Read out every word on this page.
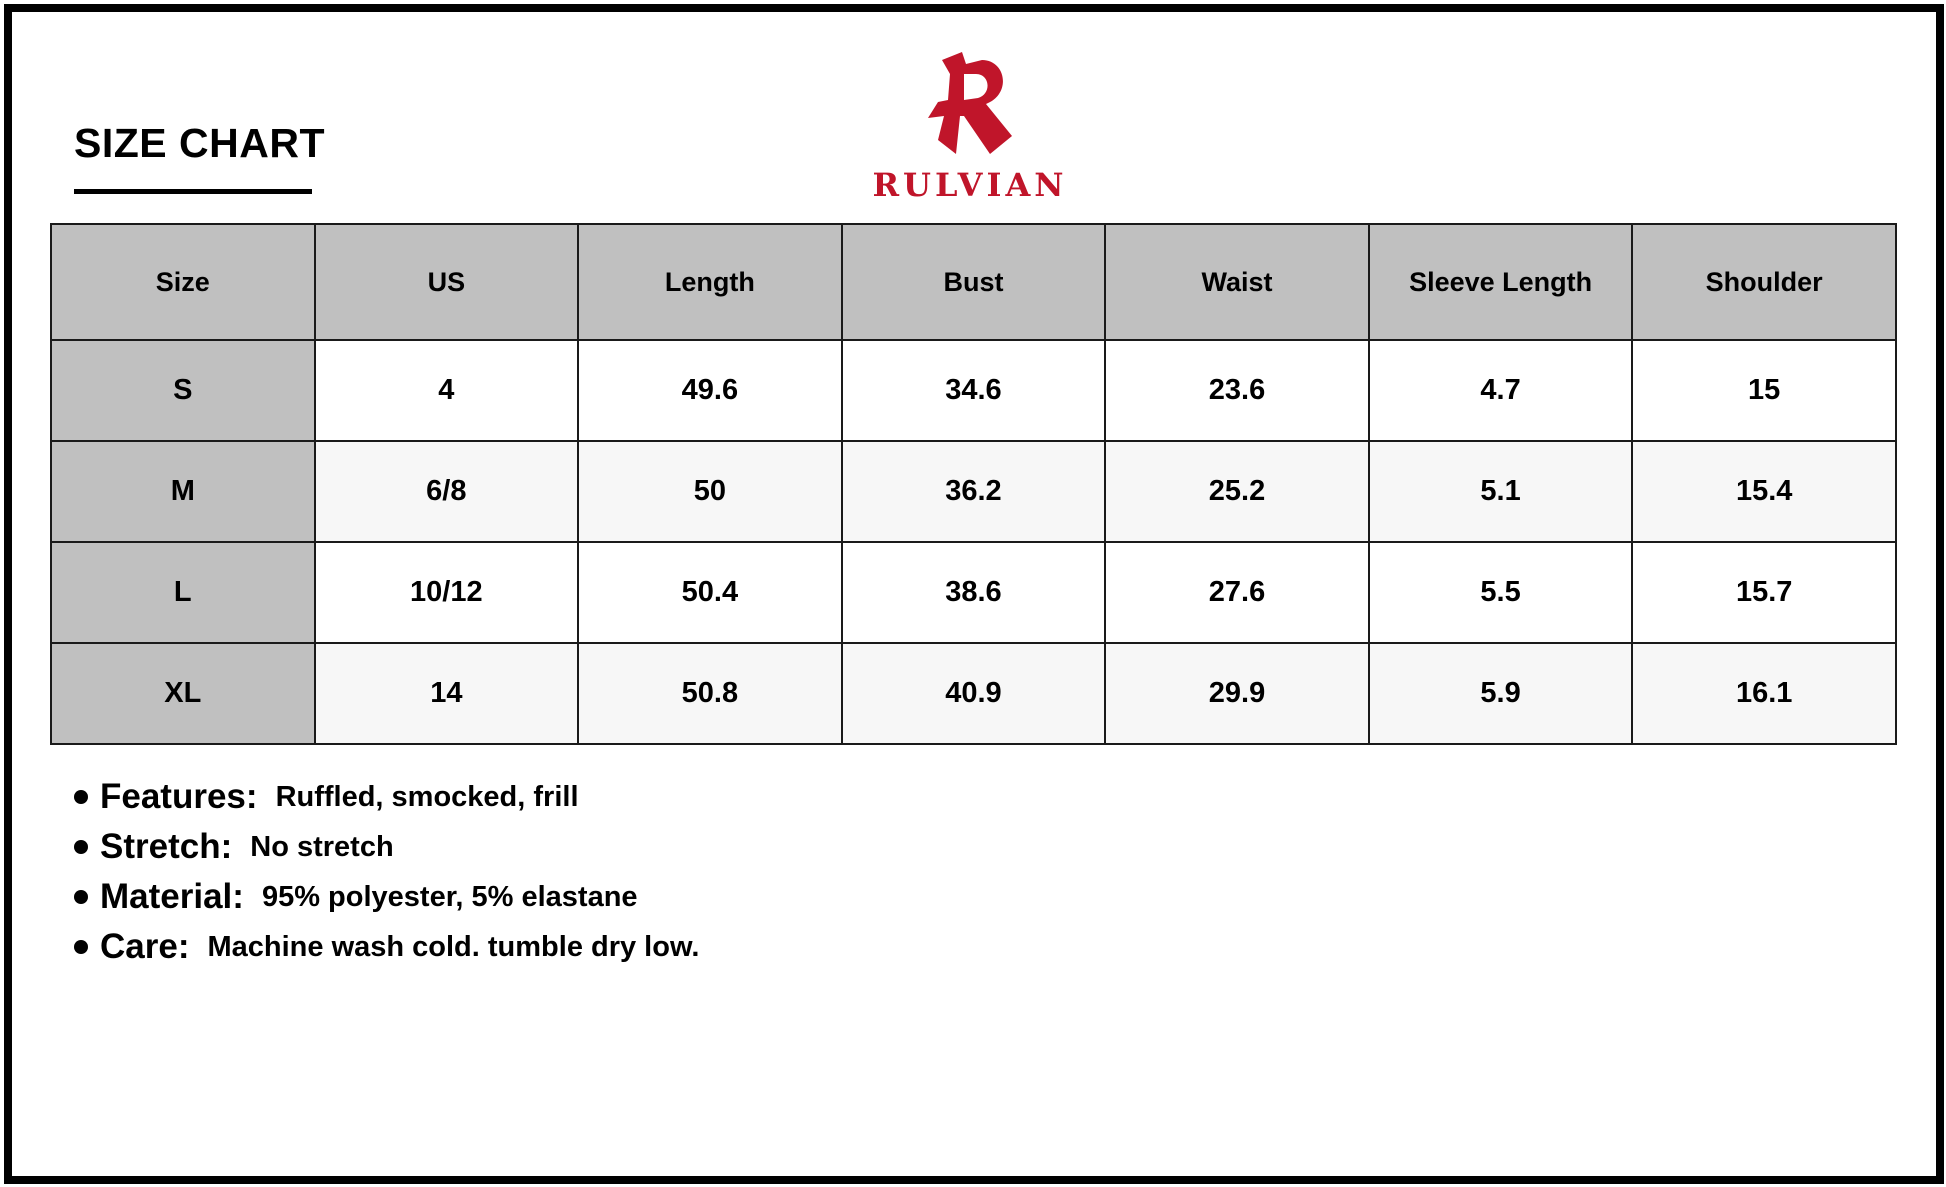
SIZE CHART
RULVIAN
Size	US	Length	Bust	Waist	Sleeve Length	Shoulder
S	4	49.6	34.6	23.6	4.7	15
M	6/8	50	36.2	25.2	5.1	15.4
L	10/12	50.4	38.6	27.6	5.5	15.7
XL	14	50.8	40.9	29.9	5.9	16.1
Features: Ruffled, smocked, frill
Stretch: No stretch
Material: 95% polyester, 5% elastane
Care: Machine wash cold. tumble dry low.
